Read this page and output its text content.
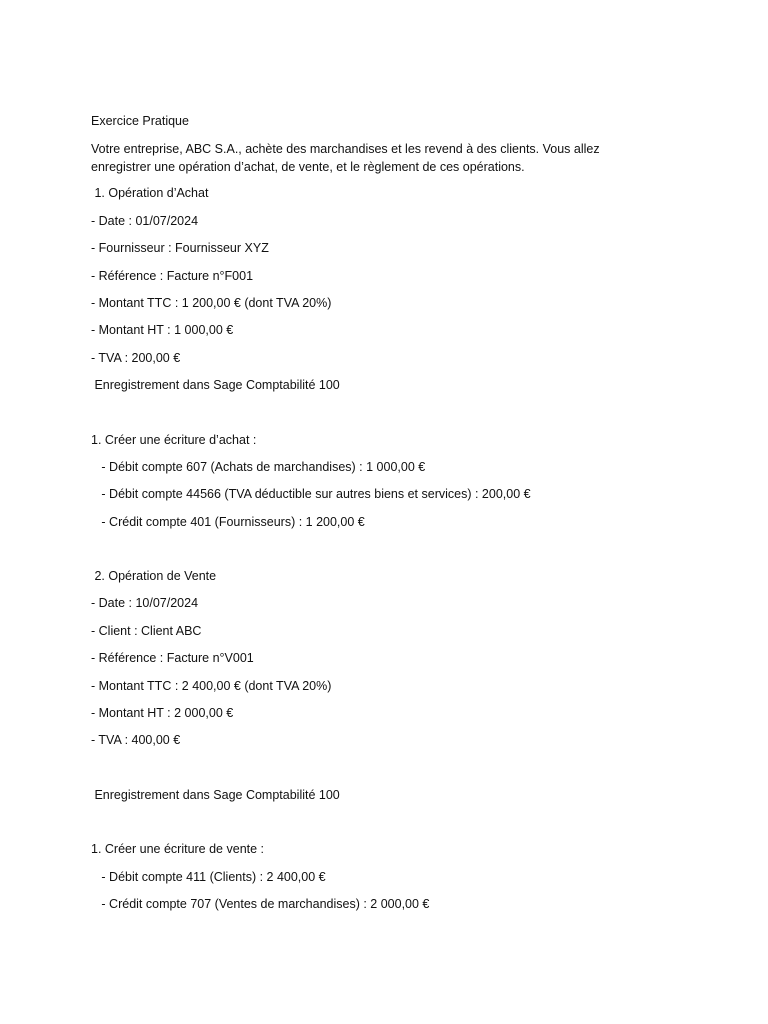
Exercice Pratique
Votre entreprise, ABC S.A., achète des marchandises et les revend à des clients. Vous allez
enregistrer une opération d’achat, de vente, et le règlement de ces opérations.
1. Opération d’Achat
- Date : 01/07/2024
- Fournisseur : Fournisseur XYZ
- Référence : Facture n°F001
- Montant TTC : 1 200,00 € (dont TVA 20%)
- Montant HT : 1 000,00 €
- TVA : 200,00 €
Enregistrement dans Sage Comptabilité 100
1. Créer une écriture d’achat :
- Débit compte 607 (Achats de marchandises) : 1 000,00 €
- Débit compte 44566 (TVA déductible sur autres biens et services) : 200,00 €
- Crédit compte 401 (Fournisseurs) : 1 200,00 €
2. Opération de Vente
- Date : 10/07/2024
- Client : Client ABC
- Référence : Facture n°V001
- Montant TTC : 2 400,00 € (dont TVA 20%)
- Montant HT : 2 000,00 €
- TVA : 400,00 €
Enregistrement dans Sage Comptabilité 100
1. Créer une écriture de vente :
- Débit compte 411 (Clients) : 2 400,00 €
- Crédit compte 707 (Ventes de marchandises) : 2 000,00 €
